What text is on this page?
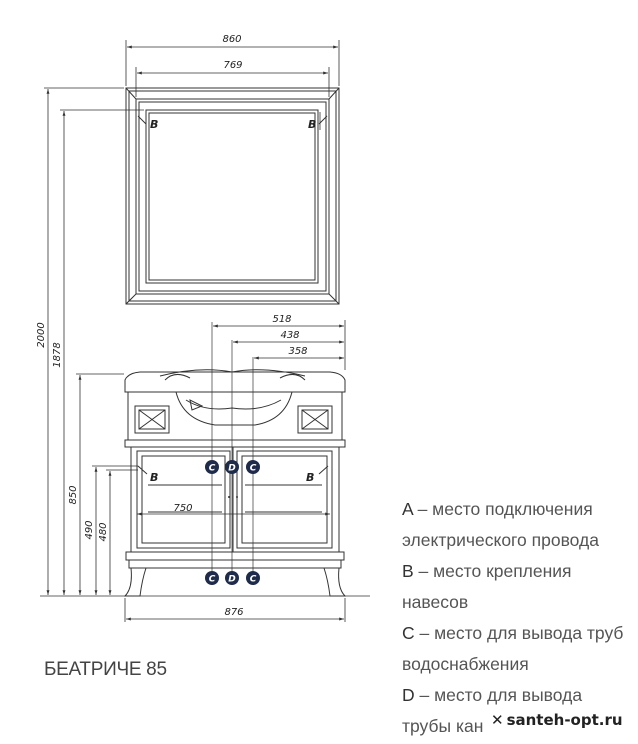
B	B
860
769
B	B
C D C
C D C
518
438
358
750
876
2000
1878
850
490 480
A – место подключения
электрического провода
B – место крепления
навесов
C – место для вывода труб
водоснабжения
D – место для вывода
трубы кан
БЕАТРИЧЕ 85
✕ santeh-opt.ru
